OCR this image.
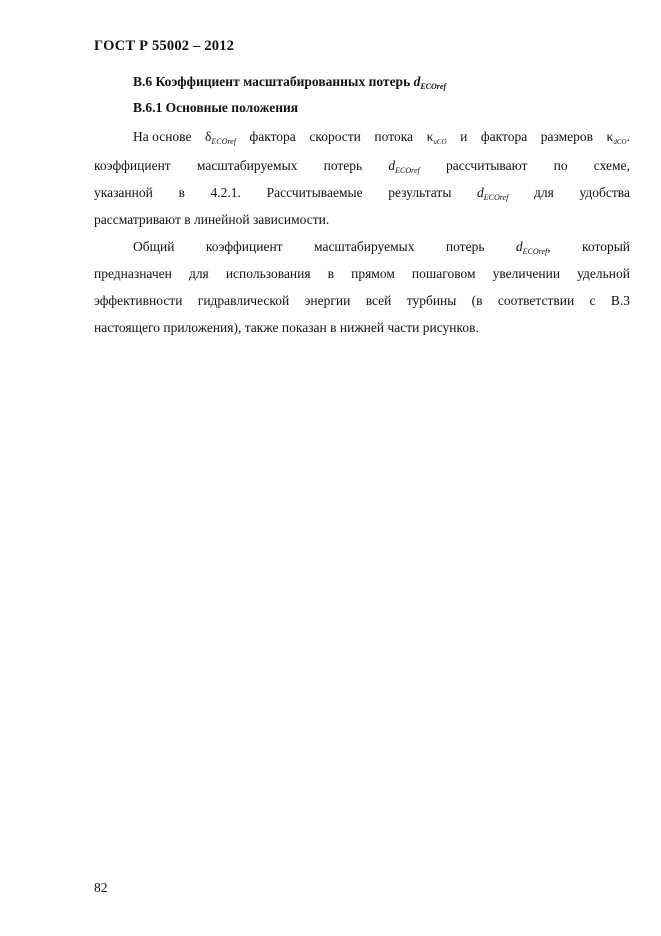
ГОСТ Р 55002 – 2012
В.6 Коэффициент масштабированных потерь $d_{ECOref}$
В.6.1 Основные положения
На основе $\delta_{ECOref}$ фактора скорости потока $\kappa_{uCO}$ и фактора размеров $\kappa_{dCO}$.
коэффициент масштабируемых потерь $d_{ECOref}$ рассчитывают по схеме,
указанной в 4.2.1. Рассчитываемые результаты $d_{ECOref}$ для удобства
рассматривают в линейной зависимости.
Общий коэффициент масштабируемых потерь $d_{ECOref}$, который
предназначен для использования в прямом пошаговом увеличении удельной
эффективности гидравлической энергии всей турбины (в соответствии с В.3
настоящего приложения), также показан в нижней части рисунков.
82
